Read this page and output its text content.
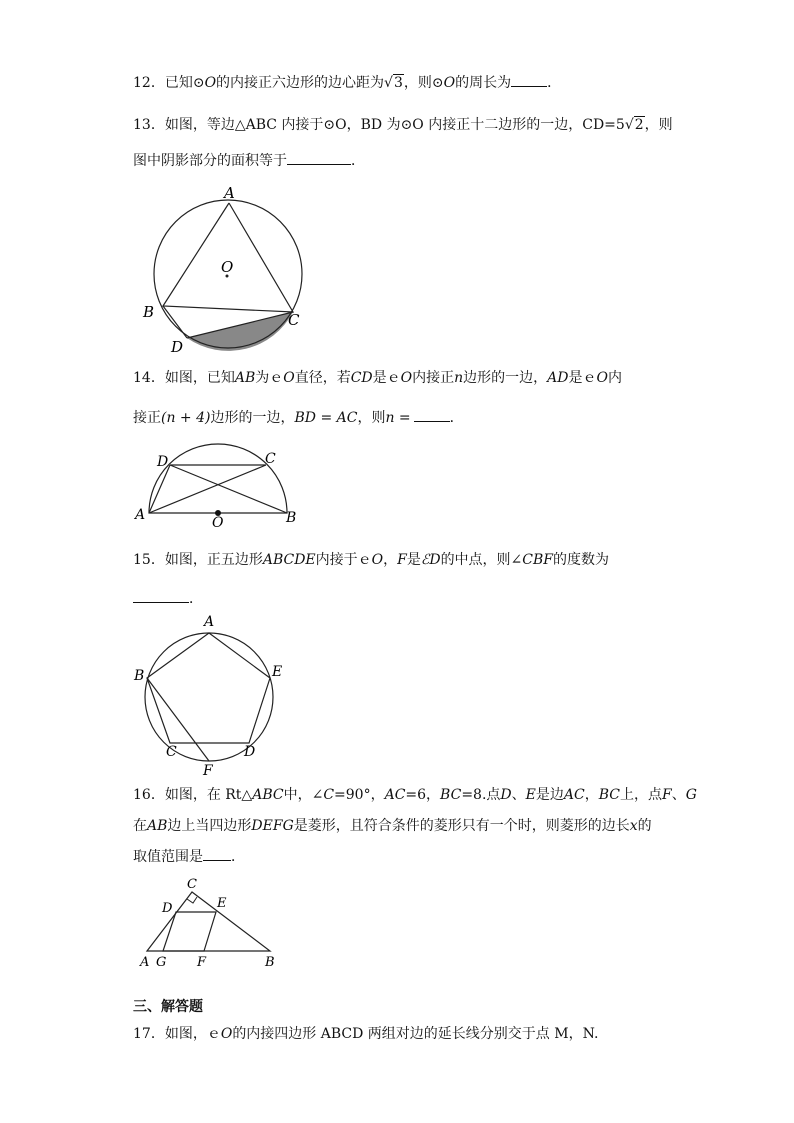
12．已知⊙O的内接正六边形的边心距为√3，则⊙O的周长为	．
13．如图，等边△ABC 内接于⊙O，BD 为⊙O 内接正十二边形的一边，CD=5√2，则
图中阴影部分的面积等于	．
A
O
B	C
D
14．如图，已知AB为ｅO直径，若CD是ｅO内接正n边形的一边，AD是ｅO内
接正(n + 4)边形的一边，BD = AC，则n =	．
D	C
A	O	B
15．如图，正五边形ABCDE内接于ｅO，F是ℰD的中点，则∠CBF的度数为
．
A
B	E
C	D
F
16．如图，在 Rt△ABC中，∠C=90°，AC=6，BC=8.点D、E是边AC，BC上，点F、G
在AB边上当四边形DEFG是菱形，且符合条件的菱形只有一个时，则菱形的边长x的
取值范围是 ．
C
D	E
A G F	B
三、解答题
17．如图，ｅO的内接四边形 ABCD 两组对边的延长线分别交于点 M，N.
